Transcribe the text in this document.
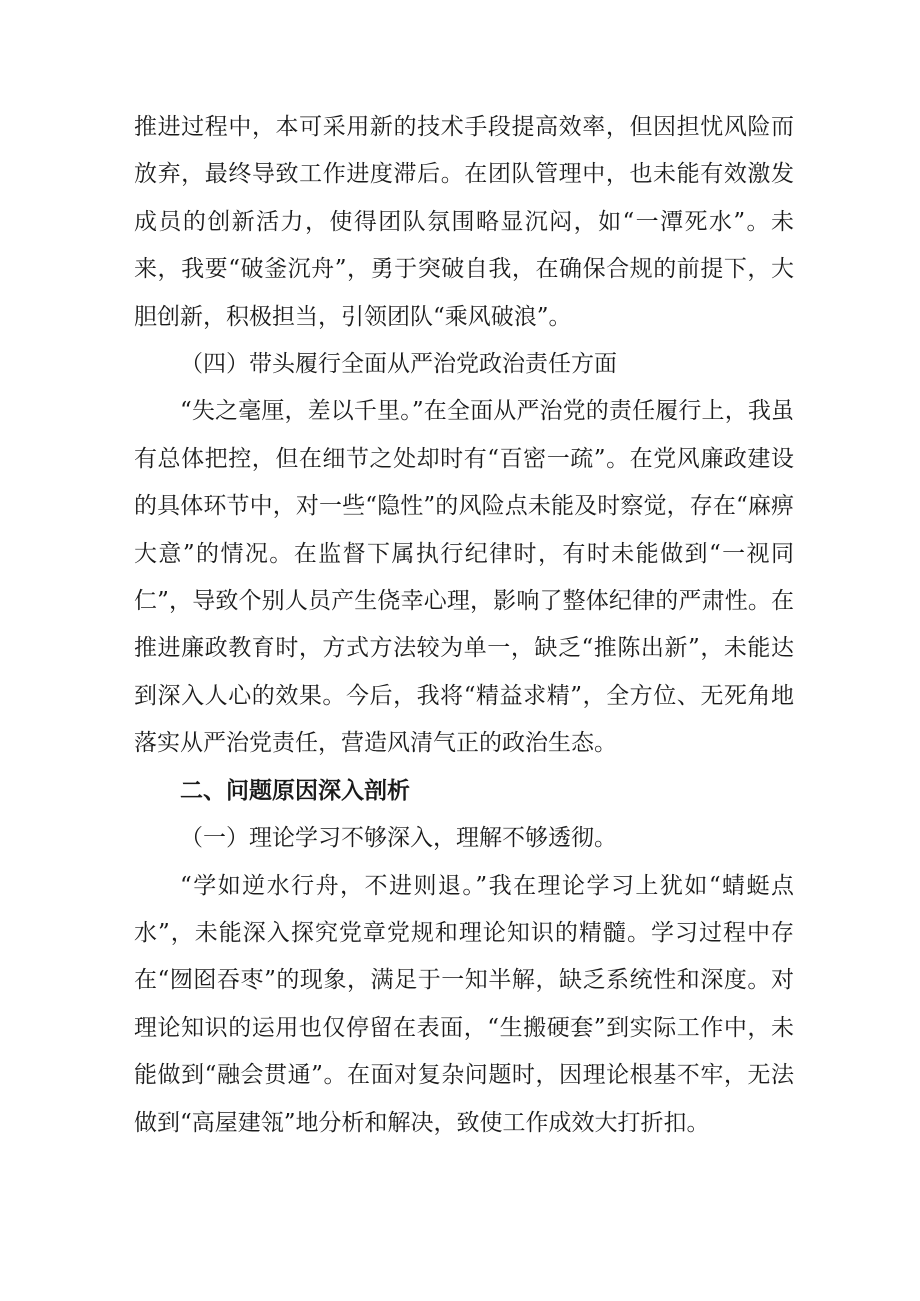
推进过程中，本可采用新的技术手段提高效率，但因担忧风险而放弃，最终导致工作进度滞后。在团队管理中，也未能有效激发成员的创新活力，使得团队氛围略显沉闷，如“一潭死水”。未来，我要“破釜沉舟”，勇于突破自我，在确保合规的前提下，大胆创新，积极担当，引领团队“乘风破浪”。

（四）带头履行全面从严治党政治责任方面

“失之毫厘，差以千里。”在全面从严治党的责任履行上，我虽有总体把控，但在细节之处却时有“百密一疏”。在党风廉政建设的具体环节中，对一些“隐性”的风险点未能及时察觉，存在“麻痹大意”的情况。在监督下属执行纪律时，有时未能做到“一视同仁”，导致个别人员产生侥幸心理，影响了整体纪律的严肃性。在推进廉政教育时，方式方法较为单一，缺乏“推陈出新”，未能达到深入人心的效果。今后，我将“精益求精”，全方位、无死角地落实从严治党责任，营造风清气正的政治生态。

二、问题原因深入剖析

（一）理论学习不够深入，理解不够透彻。

“学如逆水行舟，不进则退。”我在理论学习上犹如“蜻蜓点水”，未能深入探究党章党规和理论知识的精髓。学习过程中存在“囫囵吞枣”的现象，满足于一知半解，缺乏系统性和深度。对理论知识的运用也仅停留在表面，“生搬硬套”到实际工作中，未能做到“融会贯通”。在面对复杂问题时，因理论根基不牢，无法做到“高屋建瓴”地分析和解决，致使工作成效大打折扣。
